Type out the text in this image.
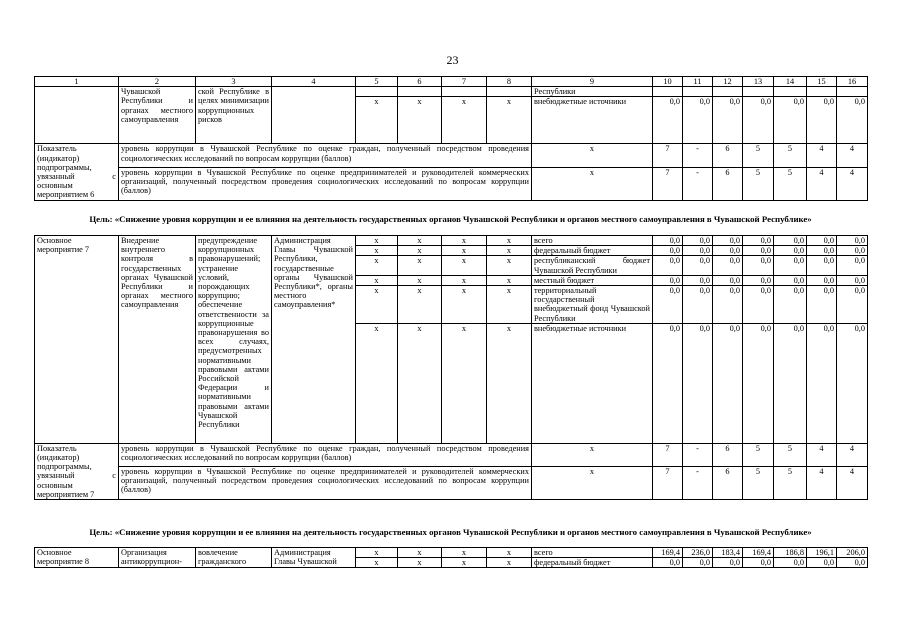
23
1	2	3	4	5	6	7	8	9	10	11	12	13	14	15	16
	Чувашской Республики и органах местного самоуправления	ской Республике в целях минимизации коррупционных рисков						Республики							
				x	x	x	x	внебюджетные источники	0,0	0,0	0,0	0,0	0,0	0,0	0,0
Показатель (индикатор) подпрограммы, увязанный с основным мероприятием 6	уровень коррупции в Чувашской Республике по оценке граждан, полученный посредством проведения социологических исследований по вопросам коррупции (баллов)							x	7	-	6	5	5	4	4
	уровень коррупции в Чувашской Республике по оценке предпринимателей и руководителей коммерческих организаций, полученный посредством проведения социологических исследований по вопросам коррупции (баллов)							x	7	-	6	5	5	4	4
Цель: «Снижение уровня коррупции и ее влияния на деятельность государственных органов Чувашской Республики и органов местного самоуправления в Чувашской Республике»
Основное мероприятие 7	Внедрение внутреннего контроля в государственных органах Чувашской Республики и органах местного самоуправления	предупреждение коррупционных правонарушений; устранение условий, порождающих коррупцию; обеспечение ответственности за коррупционные правонарушения во всех случаях, предусмотренных нормативными правовыми актами Российской Федерации и нормативными правовыми актами Чувашской Республики	Администрация Главы Чувашской Республики, государственные органы Чувашской Республики*, органы местного самоуправления*	x	x	x	x	всего	0,0	0,0	0,0	0,0	0,0	0,0	0,0
				x	x	x	x	федеральный бюджет	0,0	0,0	0,0	0,0	0,0	0,0	0,0
				x	x	x	x	республиканский бюджет Чувашской Республики	0,0	0,0	0,0	0,0	0,0	0,0	0,0
				x	x	x	x	местный бюджет	0,0	0,0	0,0	0,0	0,0	0,0	0,0
				x	x	x	x	территориальный государственный внебюджетный фонд Чувашской Республики	0,0	0,0	0,0	0,0	0,0	0,0	0,0
				x	x	x	x	внебюджетные источники	0,0	0,0	0,0	0,0	0,0	0,0	0,0
Показатель (индикатор) подпрограммы, увязанный с основным мероприятием 7	уровень коррупции в Чувашской Республике по оценке граждан, полученный посредством проведения социологических исследований по вопросам коррупции (баллов)							x	7	-	6	5	5	4	4
	уровень коррупции в Чувашской Республике по оценке предпринимателей и руководителей коммерческих организаций, полученный посредством проведения социологических исследований по вопросам коррупции (баллов)							x	7	-	6	5	5	4	4
Цель: «Снижение уровня коррупции и ее влияния на деятельность государственных органов Чувашской Республики и органов местного самоуправления в Чувашской Республике»
Основное мероприятие 8	Организация антикоррупцион-	вовлечение гражданского	Администрация Главы Чувашской	x	x	x	x	всего	169,4	236,0	183,4	169,4	186,8	196,1	206,0
				x	x	x	x	федеральный бюджет	0,0	0,0	0,0	0,0	0,0	0,0	0,0
